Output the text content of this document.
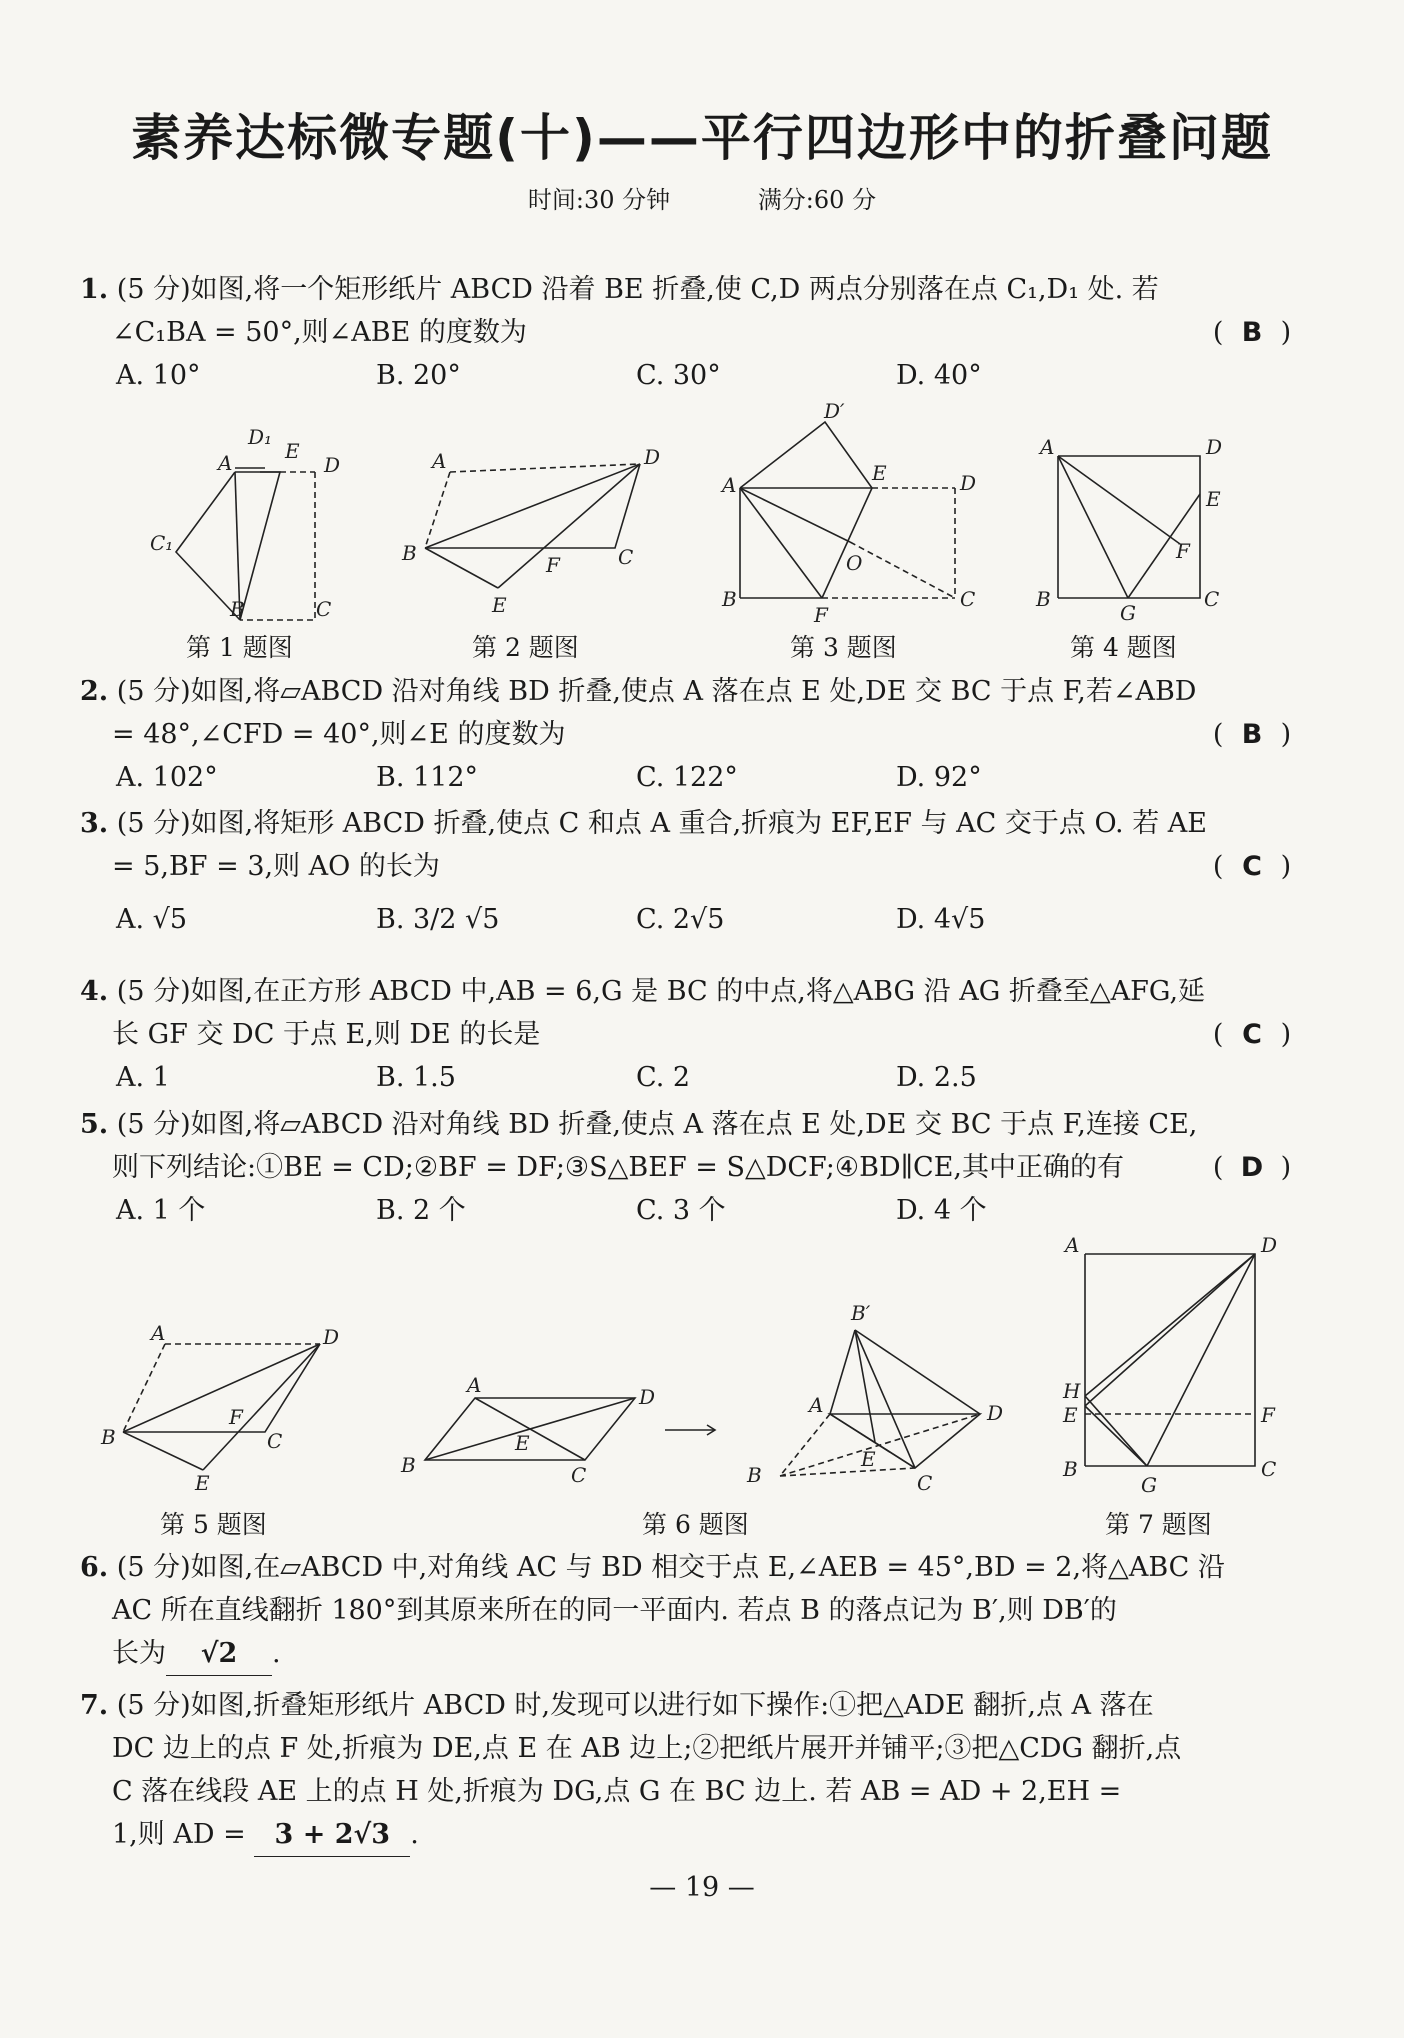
素养达标微专题(十)——平行四边形中的折叠问题
时间:30 分钟	满分:60 分
1. (5 分)如图,将一个矩形纸片 ABCD 沿着 BE 折叠,使 C,D 两点分别落在点 C₁,D₁ 处. 若
∠C₁BA = 50°,则∠ABE 的度数为	( B )
A. 10°	B. 20°	C. 30°	D. 40°
A
D₁
E
D
C₁
B	C
第 1 题图
A	D
B	F	C
E
第 2 题图
D′
A	E	D
O
B
F
C
第 3 题图
A	D
E
F
B
G
C
第 4 题图
2. (5 分)如图,将▱ABCD 沿对角线 BD 折叠,使点 A 落在点 E 处,DE 交 BC 于点 F,若∠ABD
= 48°,∠CFD = 40°,则∠E 的度数为	( B )
A. 102°	B. 112°	C. 122°	D. 92°
3. (5 分)如图,将矩形 ABCD 折叠,使点 C 和点 A 重合,折痕为 EF,EF 与 AC 交于点 O. 若 AE
= 5,BF = 3,则 AO 的长为	( C )
A. √5	B. 3/2 √5	C. 2√5	D. 4√5
4. (5 分)如图,在正方形 ABCD 中,AB = 6,G 是 BC 的中点,将△ABG 沿 AG 折叠至△AFG,延
长 GF 交 DC 于点 E,则 DE 的长是	( C )
A. 1	B. 1.5	C. 2	D. 2.5
5. (5 分)如图,将▱ABCD 沿对角线 BD 折叠,使点 A 落在点 E 处,DE 交 BC 于点 F,连接 CE,
则下列结论:①BE = CD;②BF = DF;③S△BEF = S△DCF;④BD∥CE,其中正确的有	( D )
A. 1 个	B. 2 个	C. 3 个	D. 4 个
A	D
B
F
C
E
第 5 题图
A	D
B
E
C
B′
A	D
B
E
C
第 6 题图
A	D
H
E	F
B
G
C
第 7 题图
6. (5 分)如图,在▱ABCD 中,对角线 AC 与 BD 相交于点 E,∠AEB = 45°,BD = 2,将△ABC 沿
AC 所在直线翻折 180°到其原来所在的同一平面内. 若点 B 的落点记为 B′,则 DB′的
长为 √2 .
7. (5 分)如图,折叠矩形纸片 ABCD 时,发现可以进行如下操作:①把△ADE 翻折,点 A 落在
DC 边上的点 F 处,折痕为 DE,点 E 在 AB 边上;②把纸片展开并铺平;③把△CDG 翻折,点
C 落在线段 AE 上的点 H 处,折痕为 DG,点 G 在 BC 边上. 若 AB = AD + 2,EH =
1,则 AD = 3 + 2√3 .
— 19 —
